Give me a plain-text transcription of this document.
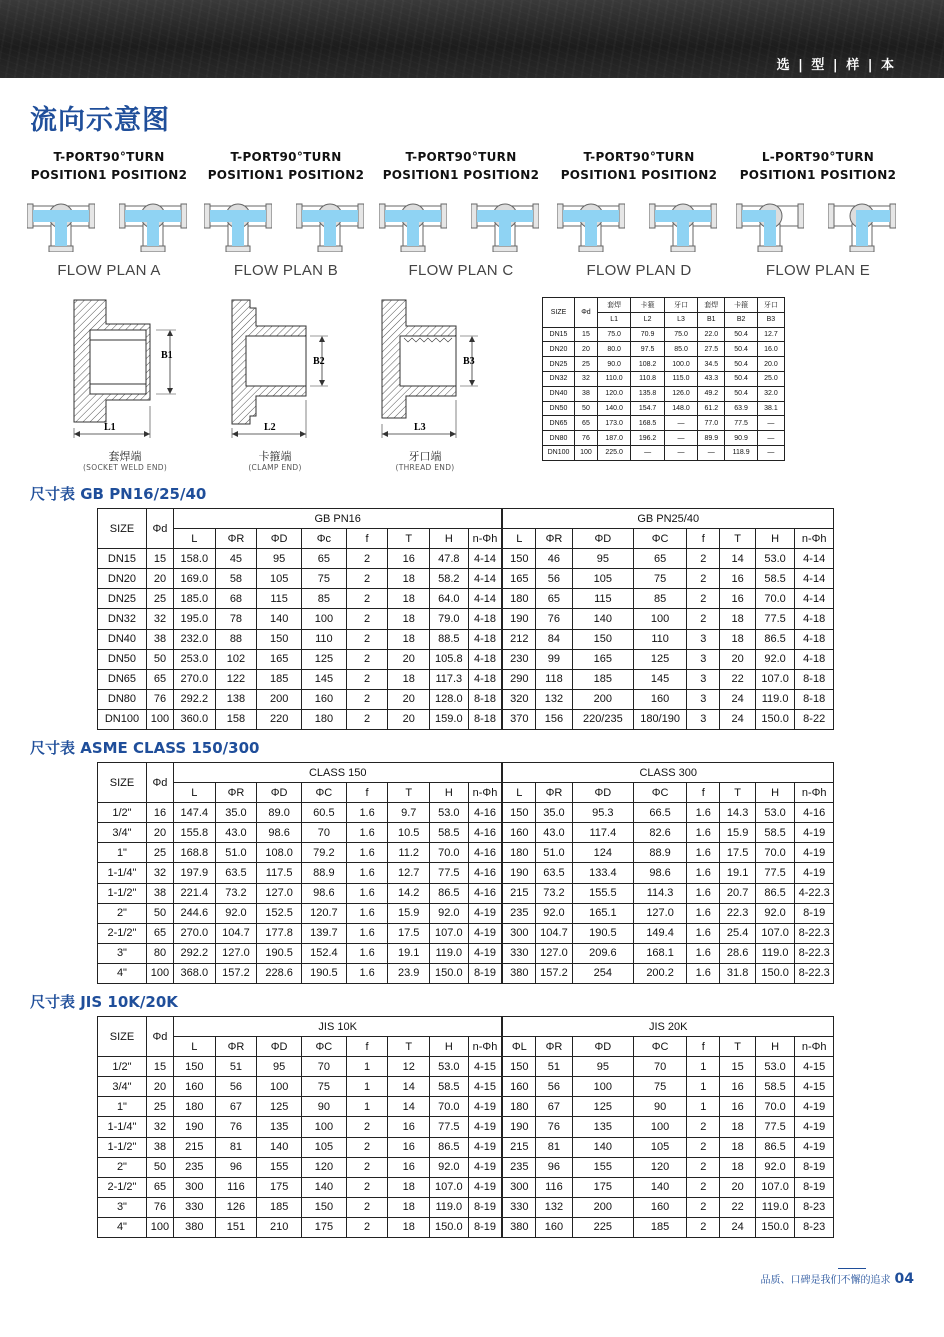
选 | 型 | 样 | 本
流向示意图
T-PORT90°TURN
POSITION1 POSITION2
FLOW PLAN A
T-PORT90°TURN
POSITION1 POSITION2
FLOW PLAN B
T-PORT90°TURN
POSITION1 POSITION2
FLOW PLAN C
T-PORT90°TURN
POSITION1 POSITION2
FLOW PLAN D
L-PORT90°TURN
POSITION1 POSITION2
FLOW PLAN E
B1
L1
套焊端
(SOCKET WELD END)
B2
L2
卡箍端
(CLAMP END)
B3
L3
牙口端
(THREAD END)
SIZE	Φd	套焊	卡箍	牙口	套焊	卡箍	牙口
		L1	L2	L3	B1	B2	B3
DN15	15	75.0	70.9	75.0	22.0	50.4	12.7
DN20	20	80.0	97.5	85.0	27.5	50.4	16.0
DN25	25	90.0	108.2	100.0	34.5	50.4	20.0
DN32	32	110.0	110.8	115.0	43.3	50.4	25.0
DN40	38	120.0	135.8	126.0	49.2	50.4	32.0
DN50	50	140.0	154.7	148.0	61.2	63.9	38.1
DN65	65	173.0	168.5	—	77.0	77.5	—
DN80	76	187.0	196.2	—	89.9	90.9	—
DN100	100	225.0	—	—	—	118.9	—
尺寸表 GB PN16/25/40
SIZE	Φd	GB PN16								GB PN25/40							
		L	ΦR	ΦD	Φc	f	T	H	n-Φh	L	ΦR	ΦD	ΦC	f	T	H	n-Φh
DN15	15	158.0	45	95	65	2	16	47.8	4-14	150	46	95	65	2	14	53.0	4-14
DN20	20	169.0	58	105	75	2	18	58.2	4-14	165	56	105	75	2	16	58.5	4-14
DN25	25	185.0	68	115	85	2	18	64.0	4-14	180	65	115	85	2	16	70.0	4-14
DN32	32	195.0	78	140	100	2	18	79.0	4-18	190	76	140	100	2	18	77.5	4-18
DN40	38	232.0	88	150	110	2	18	88.5	4-18	212	84	150	110	3	18	86.5	4-18
DN50	50	253.0	102	165	125	2	20	105.8	4-18	230	99	165	125	3	20	92.0	4-18
DN65	65	270.0	122	185	145	2	18	117.3	4-18	290	118	185	145	3	22	107.0	8-18
DN80	76	292.2	138	200	160	2	20	128.0	8-18	320	132	200	160	3	24	119.0	8-18
DN100	100	360.0	158	220	180	2	20	159.0	8-18	370	156	220/235	180/190	3	24	150.0	8-22
尺寸表 ASME CLASS 150/300
SIZE	Φd	CLASS 150								CLASS 300							
		L	ΦR	ΦD	ΦC	f	T	H	n-Φh	L	ΦR	ΦD	ΦC	f	T	H	n-Φh
1/2"	16	147.4	35.0	89.0	60.5	1.6	9.7	53.0	4-16	150	35.0	95.3	66.5	1.6	14.3	53.0	4-16
3/4"	20	155.8	43.0	98.6	70	1.6	10.5	58.5	4-16	160	43.0	117.4	82.6	1.6	15.9	58.5	4-19
1"	25	168.8	51.0	108.0	79.2	1.6	11.2	70.0	4-16	180	51.0	124	88.9	1.6	17.5	70.0	4-19
1-1/4"	32	197.9	63.5	117.5	88.9	1.6	12.7	77.5	4-16	190	63.5	133.4	98.6	1.6	19.1	77.5	4-19
1-1/2"	38	221.4	73.2	127.0	98.6	1.6	14.2	86.5	4-16	215	73.2	155.5	114.3	1.6	20.7	86.5	4-22.3
2"	50	244.6	92.0	152.5	120.7	1.6	15.9	92.0	4-19	235	92.0	165.1	127.0	1.6	22.3	92.0	8-19
2-1/2"	65	270.0	104.7	177.8	139.7	1.6	17.5	107.0	4-19	300	104.7	190.5	149.4	1.6	25.4	107.0	8-22.3
3"	80	292.2	127.0	190.5	152.4	1.6	19.1	119.0	4-19	330	127.0	209.6	168.1	1.6	28.6	119.0	8-22.3
4"	100	368.0	157.2	228.6	190.5	1.6	23.9	150.0	8-19	380	157.2	254	200.2	1.6	31.8	150.0	8-22.3
尺寸表 JIS 10K/20K
SIZE	Φd	JIS 10K								JIS 20K							
		L	ΦR	ΦD	ΦC	f	T	H	n-Φh	ΦL	ΦR	ΦD	ΦC	f	T	H	n-Φh
1/2"	15	150	51	95	70	1	12	53.0	4-15	150	51	95	70	1	15	53.0	4-15
3/4"	20	160	56	100	75	1	14	58.5	4-15	160	56	100	75	1	16	58.5	4-15
1"	25	180	67	125	90	1	14	70.0	4-19	180	67	125	90	1	16	70.0	4-19
1-1/4"	32	190	76	135	100	2	16	77.5	4-19	190	76	135	100	2	18	77.5	4-19
1-1/2"	38	215	81	140	105	2	16	86.5	4-19	215	81	140	105	2	18	86.5	4-19
2"	50	235	96	155	120	2	16	92.0	4-19	235	96	155	120	2	18	92.0	8-19
2-1/2"	65	300	116	175	140	2	18	107.0	4-19	300	116	175	140	2	20	107.0	8-19
3"	76	330	126	185	150	2	18	119.0	8-19	330	132	200	160	2	22	119.0	8-23
4"	100	380	151	210	175	2	18	150.0	8-19	380	160	225	185	2	24	150.0	8-23
品质、口碑是我们不懈的追求 04
